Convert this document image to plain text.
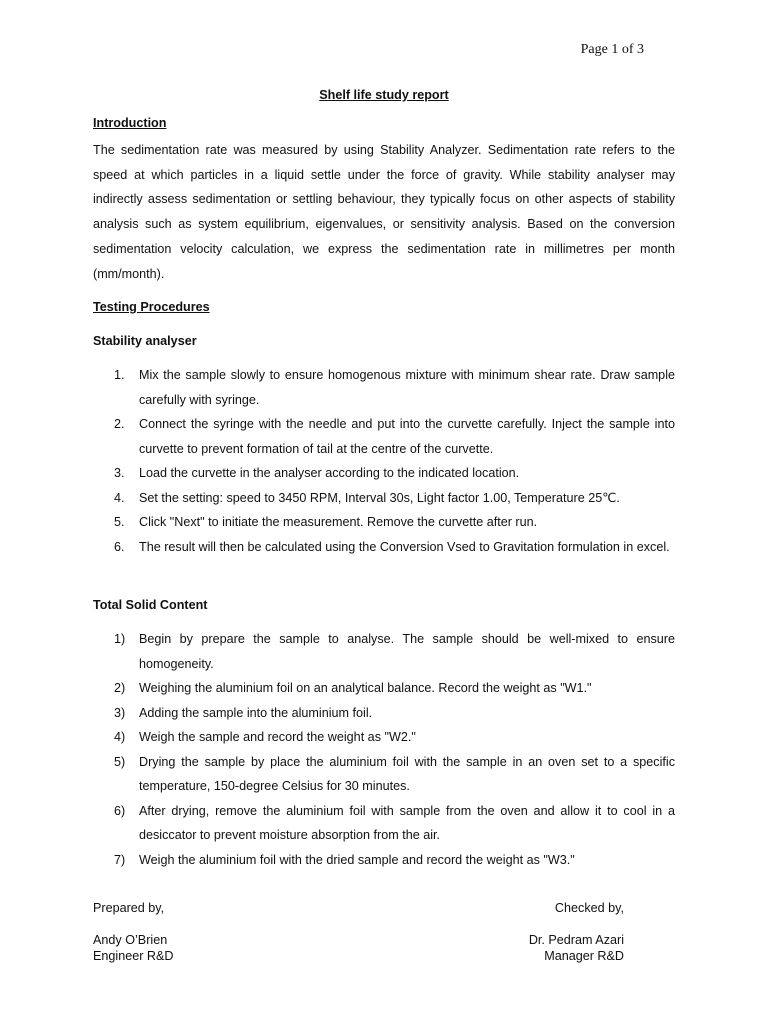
Page 1 of 3
Shelf life study report
Introduction

The sedimentation rate was measured by using Stability Analyzer. Sedimentation rate refers to the speed at which particles in a liquid settle under the force of gravity. While stability analyser may indirectly assess sedimentation or settling behaviour, they typically focus on other aspects of stability analysis such as system equilibrium, eigenvalues, or sensitivity analysis. Based on the conversion sedimentation velocity calculation, we express the sedimentation rate in millimetres per month (mm/month).

Testing Procedures
Stability analyser
1. Mix the sample slowly to ensure homogenous mixture with minimum shear rate. Draw sample carefully with syringe.
2. Connect the syringe with the needle and put into the curvette carefully. Inject the sample into curvette to prevent formation of tail at the centre of the curvette.
3. Load the curvette in the analyser according to the indicated location.
4. Set the setting: speed to 3450 RPM, Interval 30s, Light factor 1.00, Temperature 25℃.
5. Click "Next" to initiate the measurement. Remove the curvette after run.
6. The result will then be calculated using the Conversion Vsed to Gravitation formulation in excel.
Total Solid Content
1) Begin by prepare the sample to analyse. The sample should be well-mixed to ensure homogeneity.
2) Weighing the aluminium foil on an analytical balance. Record the weight as "W1."
3) Adding the sample into the aluminium foil.
4) Weigh the sample and record the weight as "W2."
5) Drying the sample by place the aluminium foil with the sample in an oven set to a specific temperature, 150-degree Celsius for 30 minutes.
6) After drying, remove the aluminium foil with sample from the oven and allow it to cool in a desiccator to prevent moisture absorption from the air.
7) Weigh the aluminium foil with the dried sample and record the weight as "W3."
Prepared by,	Checked by,
Andy O’Brien
Engineer R&D
Dr. Pedram Azari
Manager R&D
